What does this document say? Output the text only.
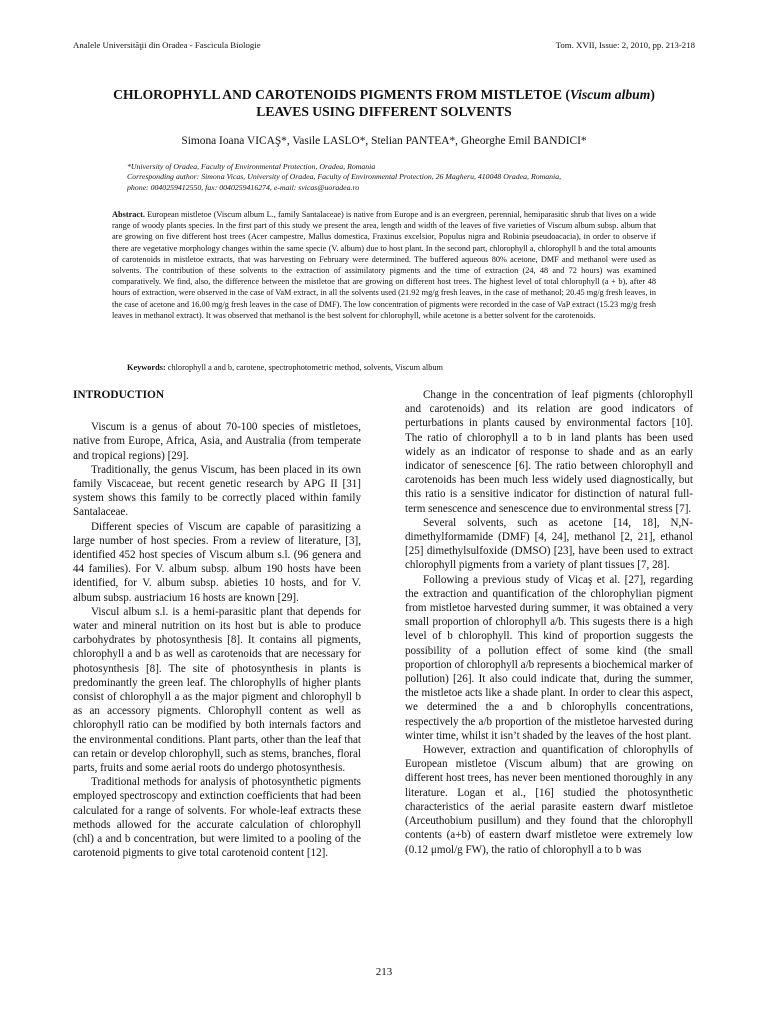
Analele Universităţii din Oradea - Fascicula Biologie	Tom. XVII, Issue: 2, 2010, pp. 213-218
CHLOROPHYLL AND CAROTENOIDS PIGMENTS FROM MISTLETOE (Viscum album)
LEAVES USING DIFFERENT SOLVENTS
Simona Ioana VICAŞ*, Vasile LASLO*, Stelian PANTEA*, Gheorghe Emil BANDICI*
*University of Oradea, Faculty of Environmental Protection, Oradea, Romania
Corresponding author: Simona Vicas, University of Oradea, Faculty of Environmental Protection, 26 Magheru, 410048 Oradea, Romania,
phone: 0040259412550, fax: 0040259416274, e-mail: svicas@uoradea.ro
Abstract. European mistletoe (Viscum album L., family Santalaceae) is native from Europe and is an evergreen, perennial, hemiparasitic shrub that lives on a wide range of woody plants species. In the first part of this study we present the area, length and width of the leaves of five varieties of Viscum album subsp. album that are growing on five different host trees (Acer campestre, Mallus domestica, Fraxinus excelsior, Populus nigra and Robinia pseudoacacia), in order to observe if there are vegetative morphology changes within the same specie (V. album) due to host plant. In the second part, chlorophyll a, chlorophyll b and the total amounts of carotenoids in mistletoe extracts, that was harvesting on February were determined. The buffered aqueous 80% acetone, DMF and methanol were used as solvents. The contribution of these solvents to the extraction of assimilatory pigments and the time of extraction (24, 48 and 72 hours) was examined comparatively. We find, also, the difference between the mistletoe that are growing on different host trees. The highest level of total chlorophyll (a + b), after 48 hours of extraction, were observed in the case of VaM extract, in all the solvents used (21.92 mg/g fresh leaves, in the case of methanol; 20.45 mg/g fresh leaves, in the case of acetone and 16.00 mg/g fresh leaves in the case of DMF). The low concentration of pigments were recorded in the case of VaP extract (15.23 mg/g fresh leaves in methanol extract). It was observed that methanol is the best solvent for chlorophyll, while acetone is a better solvent for the carotenoids.
Keywords: chlorophyll a and b, carotene, spectrophotometric method, solvents, Viscum album
INTRODUCTION

Viscum is a genus of about 70-100 species of mistletoes, native from Europe, Africa, Asia, and Australia (from temperate and tropical regions) [29].

Traditionally, the genus Viscum, has been placed in its own family Viscaceae, but recent genetic research by APG II [31] system shows this family to be correctly placed within family Santalaceae.

Different species of Viscum are capable of parasitizing a large number of host species. From a review of literature, [3], identified 452 host species of Viscum album s.l. (96 genera and 44 families). For V. album subsp. album 190 hosts have been identified, for V. album subsp. abieties 10 hosts, and for V. album subsp. austriacium 16 hosts are known [29].

Viscul album s.l. is a hemi-parasitic plant that depends for water and mineral nutrition on its host but is able to produce carbohydrates by photosynthesis [8]. It contains all pigments, chlorophyll a and b as well as carotenoids that are necessary for photosynthesis [8]. The site of photosynthesis in plants is predominantly the green leaf. The chlorophylls of higher plants consist of chlorophyll a as the major pigment and chlorophyll b as an accessory pigments. Chlorophyll content as well as chlorophyll ratio can be modified by both internals factors and the environmental conditions. Plant parts, other than the leaf that can retain or develop chlorophyll, such as stems, branches, floral parts, fruits and some aerial roots do undergo photosynthesis.

Traditional methods for analysis of photosynthetic pigments employed spectroscopy and extinction coefficients that had been calculated for a range of solvents. For whole-leaf extracts these methods allowed for the accurate calculation of chlorophyll (chl) a and b concentration, but were limited to a pooling of the carotenoid pigments to give total carotenoid content [12].

Change in the concentration of leaf pigments (chlorophyll and carotenoids) and its relation are good indicators of perturbations in plants caused by environmental factors [10]. The ratio of chlorophyll a to b in land plants has been used widely as an indicator of response to shade and as an early indicator of senescence [6]. The ratio between chlorophyll and carotenoids has been much less widely used diagnostically, but this ratio is a sensitive indicator for distinction of natural full-term senescence and senescence due to environmental stress [7].

Several solvents, such as acetone [14, 18], N,N-dimethylformamide (DMF) [4, 24], methanol [2, 21], ethanol [25] dimethylsulfoxide (DMSO) [23], have been used to extract chlorophyll pigments from a variety of plant tissues [7, 28].

Following a previous study of Vicaş et al. [27], regarding the extraction and quantification of the chlorophylian pigment from mistletoe harvested during summer, it was obtained a very small proportion of chlorophyll a/b. This sugests there is a high level of b chlorophyll. This kind of proportion suggests the possibility of a pollution effect of some kind (the small proportion of chlorophyll a/b represents a biochemical marker of pollution) [26]. It also could indicate that, during the summer, the mistletoe acts like a shade plant. In order to clear this aspect, we determined the a and b chlorophylls concentrations, respectively the a/b proportion of the mistletoe harvested during winter time, whilst it isn’t shaded by the leaves of the host plant.

However, extraction and quantification of chlorophylls of European mistletoe (Viscum album) that are growing on different host trees, has never been mentioned thoroughly in any literature. Logan et al., [16] studied the photosynthetic characteristics of the aerial parasite eastern dwarf mistletoe (Arceuthobium pusillum) and they found that the chlorophyll contents (a+b) of eastern dwarf mistletoe were extremely low (0.12 μmol/g FW), the ratio of chlorophyll a to b was

213
